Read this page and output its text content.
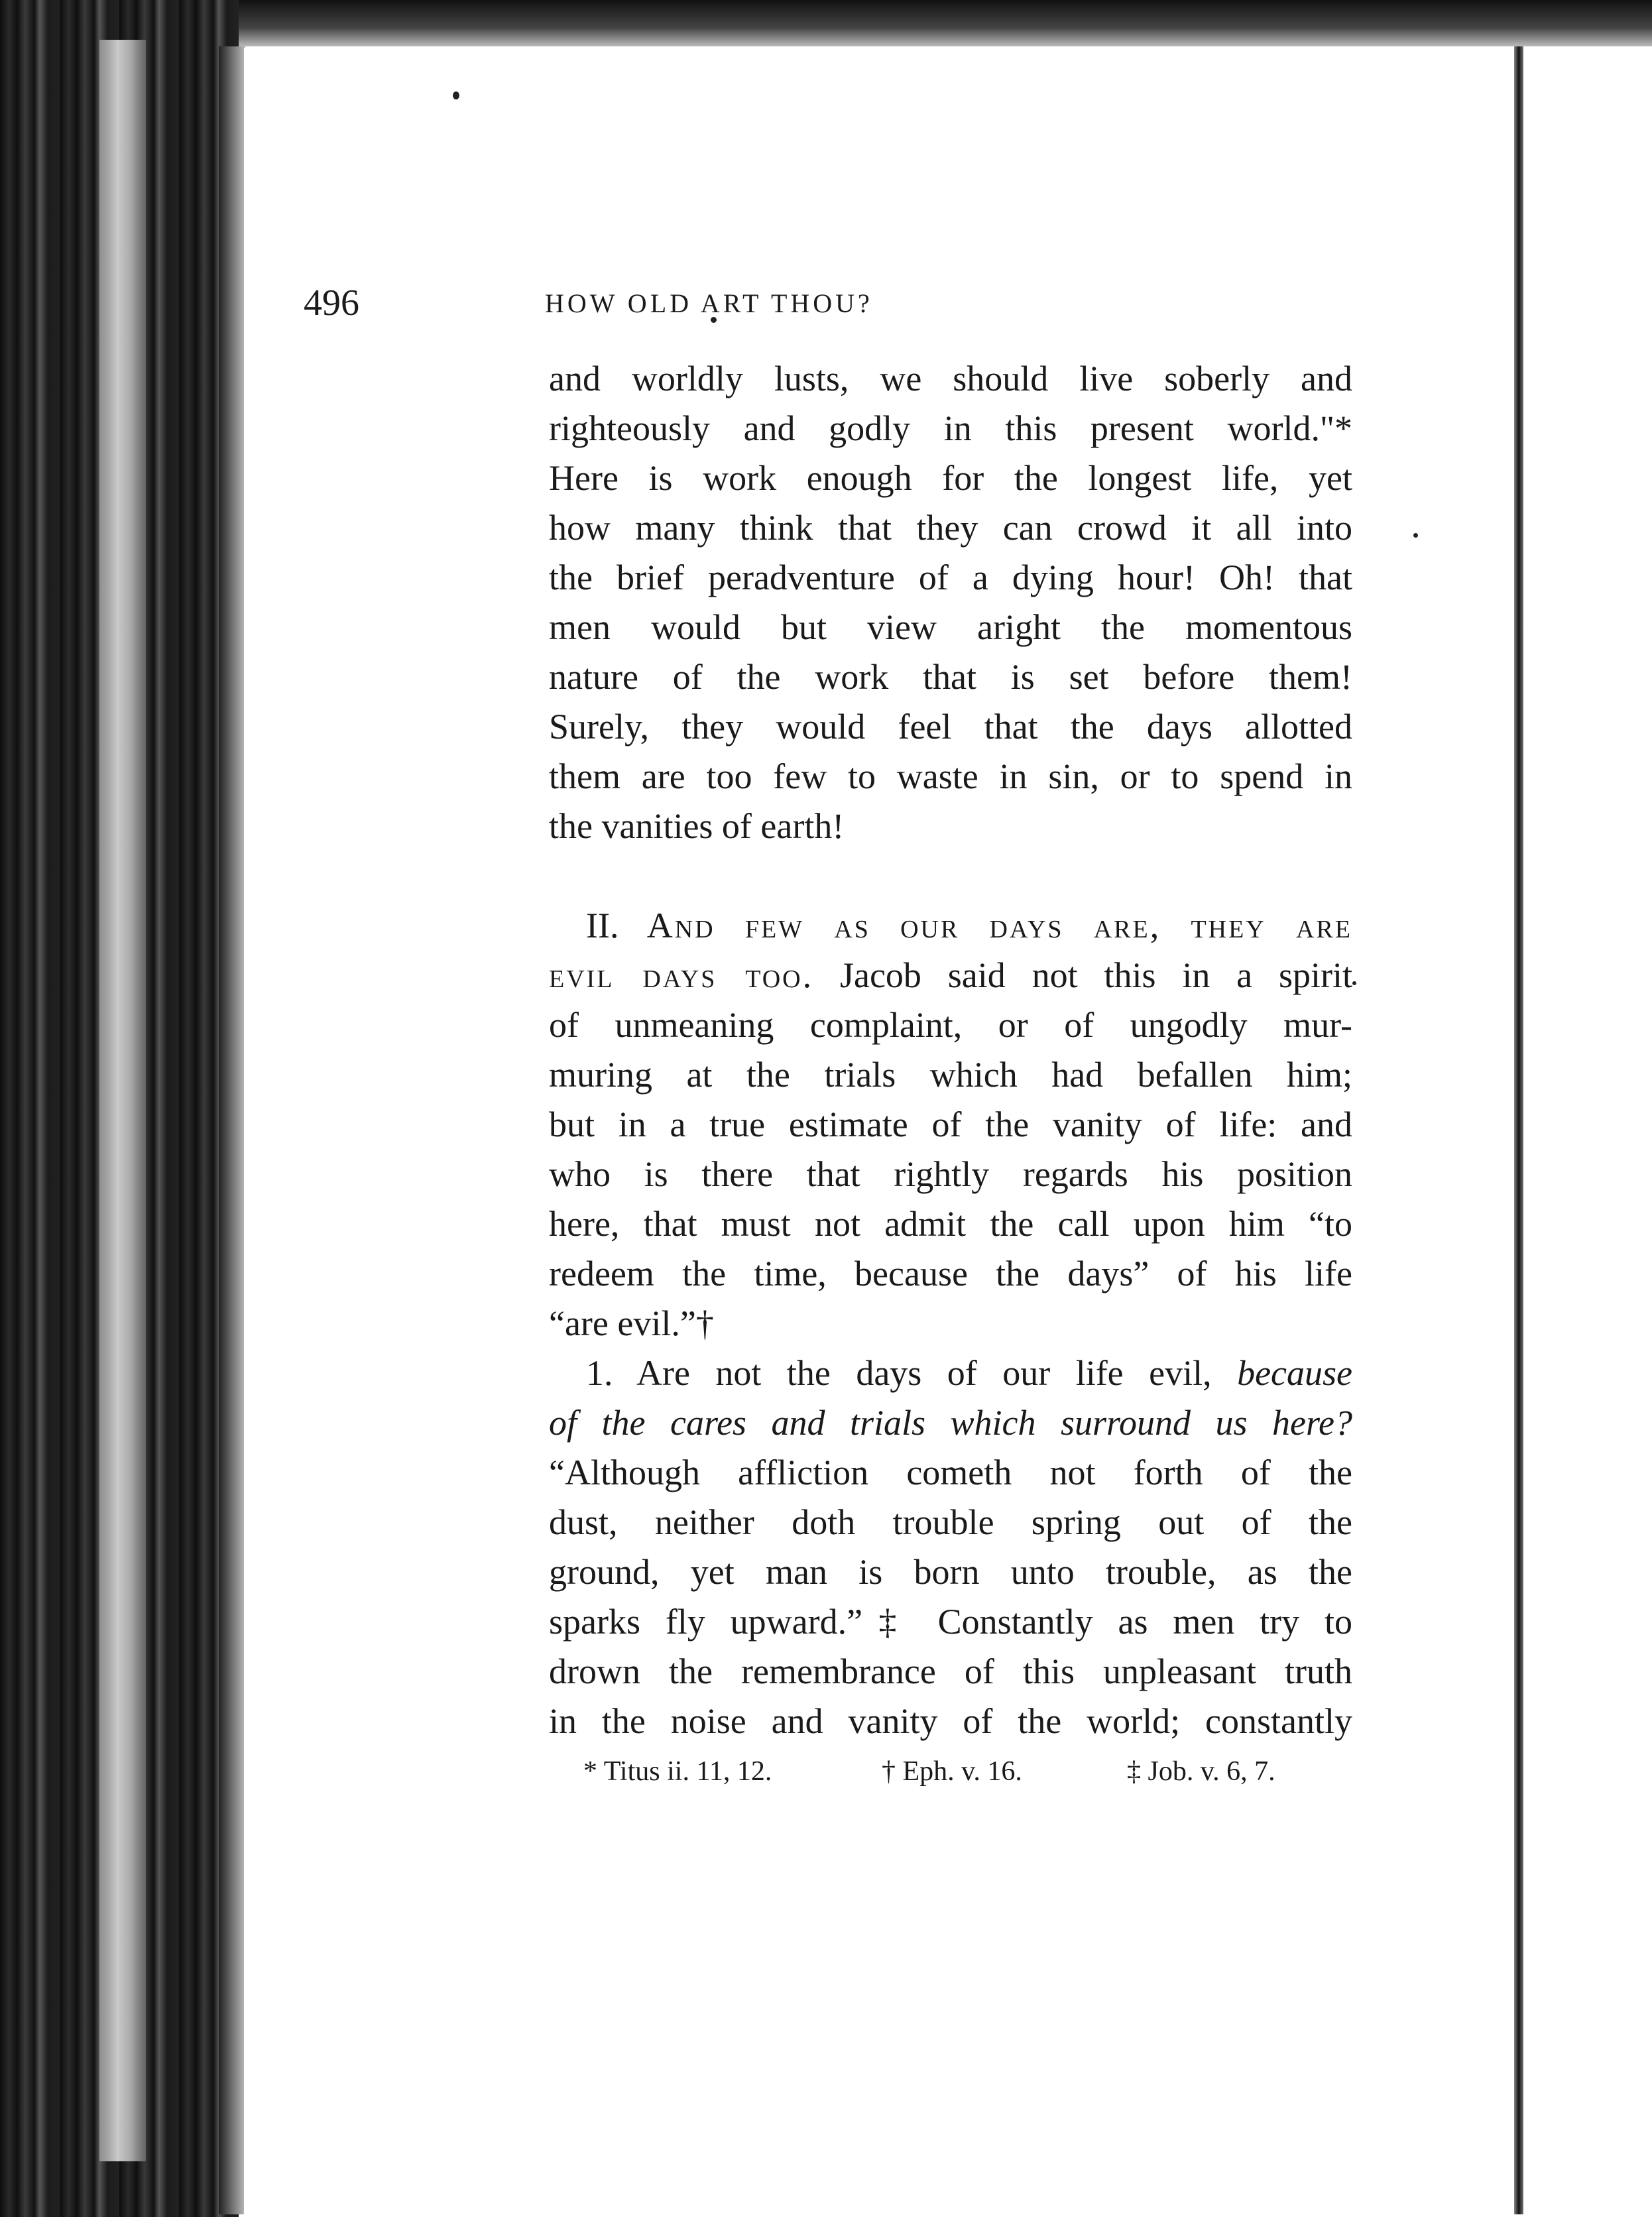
496	HOW OLD ART THOU?
and worldly lusts, we should live soberly and
righteously and godly in this present world."*
Here is work enough for the longest life, yet
how many think that they can crowd it all into
the brief peradventure of a dying hour! Oh! that
men would but view aright the momentous
nature of the work that is set before them!
Surely, they would feel that the days allotted
them are too few to waste in sin, or to spend in
the vanities of earth!
II. And few as our days are, they are
evil days too. Jacob said not this in a spirit
of unmeaning complaint, or of ungodly mur-
muring at the trials which had befallen him;
but in a true estimate of the vanity of life: and
who is there that rightly regards his position
here, that must not admit the call upon him “to
redeem the time, because the days” of his life
“are evil.”†
1. Are not the days of our life evil, because
of the cares and trials which surround us here?
“Although affliction cometh not forth of the
dust, neither doth trouble spring out of the
ground, yet man is born unto trouble, as the
sparks fly upward.”‡ Constantly as men try to
drown the remembrance of this unpleasant truth
in the noise and vanity of the world; constantly
* Titus ii. 11, 12.	† Eph. v. 16.	‡ Job. v. 6, 7.
